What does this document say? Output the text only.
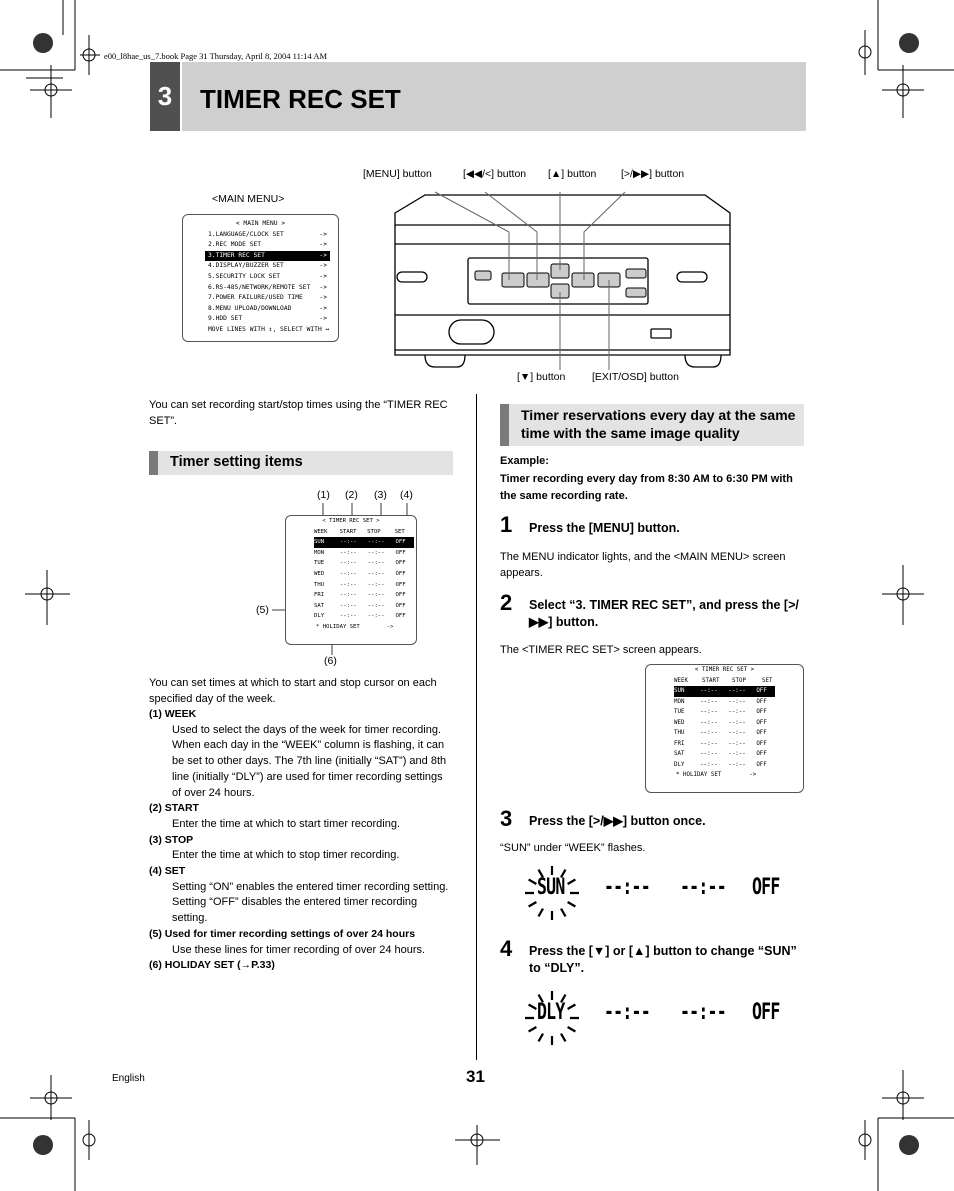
e00_l8hae_us_7.book Page 31 Thursday, April 8, 2004 11:14 AM
3 TIMER REC SET
[MENU] button	[◀◀/<] button [▲] button [>/▶▶] button
[▼] button	[EXIT/OSD] button
<MAIN MENU>
< MAIN MENU >
1.LANGUAGE/CLOCK SET	->
2.REC MODE SET	->
3.TIMER REC SET	->
4.DISPLAY/BUZZER SET	->
5.SECURITY LOCK SET	->
6.RS-485/NETWORK/REMOTE SET ->
7.POWER FAILURE/USED TIME	->
8.MENU UPLOAD/DOWNLOAD	->
9.HDD SET	->
MOVE LINES WITH ↕, SELECT WITH ↔
You can set recording start/stop times using the “TIMER REC SET”.
Timer setting items
(1) (2) (3) (4)
(5)
(6)
< TIMER REC SET >
WEEK	START	STOP	SET
SUN	--:--	--:--	OFF
MON	--:--	--:--	OFF
TUE	--:--	--:--	OFF
WED	--:--	--:--	OFF
THU	--:--	--:--	OFF
FRI	--:--	--:--	OFF
SAT	--:--	--:--	OFF
DLY	--:--	--:--	OFF
* HOLIDAY SET        ->
You can set times at which to start and stop cursor on each specified day of the week.
(1) WEEK
Used to select the days of the week for timer recording. When each day in the “WEEK” column is flashing, it can be set to other days. The 7th line (initially “SAT”) and 8th line (initially “DLY”) are used for timer recording settings of over 24 hours.
(2) START
Enter the time at which to start timer recording.
(3) STOP
Enter the time at which to stop timer recording.
(4) SET
Setting “ON” enables the entered timer recording setting.
Setting “OFF” disables the entered timer recording setting.
(5) Used for timer recording settings of over 24 hours
Use these lines for timer recording of over 24 hours.
(6) HOLIDAY SET (→P.33)
Timer reservations every day at the same time with the same image quality
Example:
Timer recording every day from 8:30 AM to 6:30 PM with the same recording rate.
1 Press the [MENU] button.
The MENU indicator lights, and the <MAIN MENU> screen appears.
2 Select “3. TIMER REC SET”, and press the [>/▶▶] button.
The <TIMER REC SET> screen appears.
< TIMER REC SET >
WEEK	START	STOP	SET
SUN	--:--	--:--	OFF
MON	--:--	--:--	OFF
TUE	--:--	--:--	OFF
WED	--:--	--:--	OFF
THU	--:--	--:--	OFF
FRI	--:--	--:--	OFF
SAT	--:--	--:--	OFF
DLY	--:--	--:--	OFF
* HOLIDAY SET        ->
3 Press the [>/▶▶] button once.
“SUN” under “WEEK” flashes.
SUN --:-- --:-- OFF
4 Press the [▼] or [▲] button to change “SUN” to “DLY”.
DLY --:-- --:-- OFF
English	31
